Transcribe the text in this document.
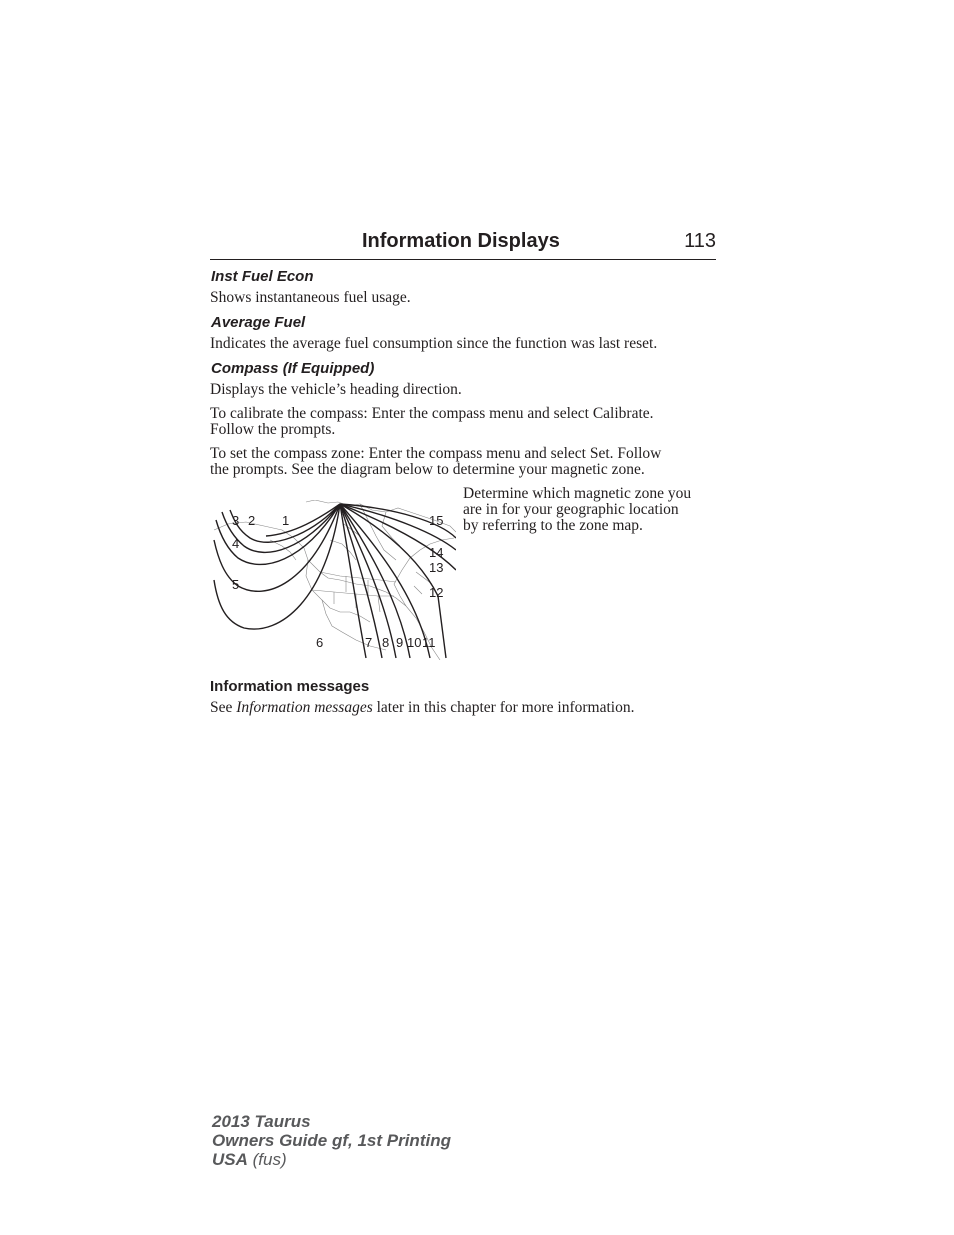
Information Displays	113
Inst Fuel Econ
Shows instantaneous fuel usage.
Average Fuel
Indicates the average fuel consumption since the function was last reset.
Compass (If Equipped)
Displays the vehicle’s heading direction.
To calibrate the compass: Enter the compass menu and select Calibrate.
Follow the prompts.
To set the compass zone: Enter the compass menu and select Set. Follow
the prompts. See the diagram below to determine your magnetic zone.
1
2
3
4
5
6	7 8 9 10 11
12
13
14
15
Determine which magnetic zone you
are in for your geographic location
by referring to the zone map.
Information messages
See Information messages later in this chapter for more information.
2013 Taurus
Owners Guide gf, 1st Printing
USA (fus)
